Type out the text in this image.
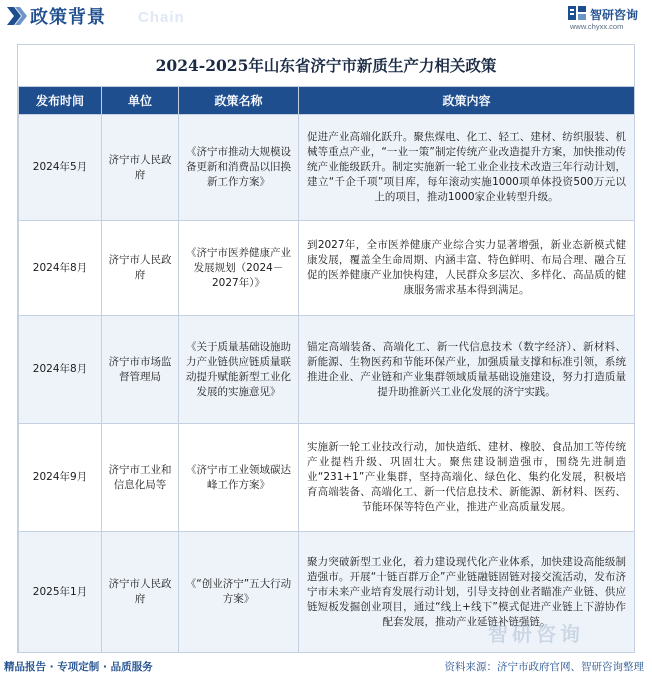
政策背景 Chain	智研咨询
www.chyxx.com
2024-2025年山东省济宁市新质生产力相关政策
发布时间	单位	政策名称	政策内容
2024年5月	济宁市人民政府	《济宁市推动大规模设备更新和消费品以旧换新工作方案》	促进产业高端化跃升。聚焦煤电、化工、轻工、建材、纺织服装、机械等重点产业，“一业一策”制定传统产业改造提升方案，加快推动传统产业能级跃升。制定实施新一轮工业企业技术改造三年行动计划，建立“千企千项”项目库，每年滚动实施1000项单体投资500万元以上的项目，推动1000家企业转型升级。
2024年8月	济宁市人民政府	《济宁市医养健康产业发展规划（2024－2027年）》	到2027年，全市医养健康产业综合实力显著增强，新业态新模式健康发展，覆盖全生命周期、内涵丰富、特色鲜明、布局合理、融合互促的医养健康产业加快构建，人民群众多层次、多样化、高品质的健康服务需求基本得到满足。
2024年8月	济宁市市场监督管理局	《关于质量基础设施助力产业链供应链质量联动提升赋能新型工业化发展的实施意见》	锚定高端装备、高端化工、新一代信息技术（数字经济）、新材料、新能源、生物医药和节能环保产业，加强质量支撑和标准引领，系统推进企业、产业链和产业集群领域质量基础设施建设，努力打造质量提升助推新兴工业化发展的济宁实践。
2024年9月	济宁市工业和信息化局等	《济宁市工业领域碳达峰工作方案》	实施新一轮工业技改行动，加快造纸、建材、橡胶、食品加工等传统产业提档升级、巩固壮大。聚焦建设制造强市，围绕先进制造业“231+1”产业集群，坚持高端化、绿色化、集约化发展，积极培育高端装备、高端化工、新一代信息技术、新能源、新材料、医药、节能环保等特色产业，推进产业高质量发展。
2025年1月	济宁市人民政府	《“创业济宁”五大行动方案》	聚力突破新型工业化，着力建设现代化产业体系，加快建设高能级制造强市。开展“十链百群万企”产业链融链固链对接交流活动，发布济宁市未来产业培育发展行动计划，引导支持创业者瞄准产业链、供应链短板发掘创业项目，通过“线上+线下”模式促进产业链上下游协作配套发展，推动产业延链补链强链。
智研咨询
精品报告 · 专项定制 · 品质服务	资料来源：济宁市政府官网、智研咨询整理
